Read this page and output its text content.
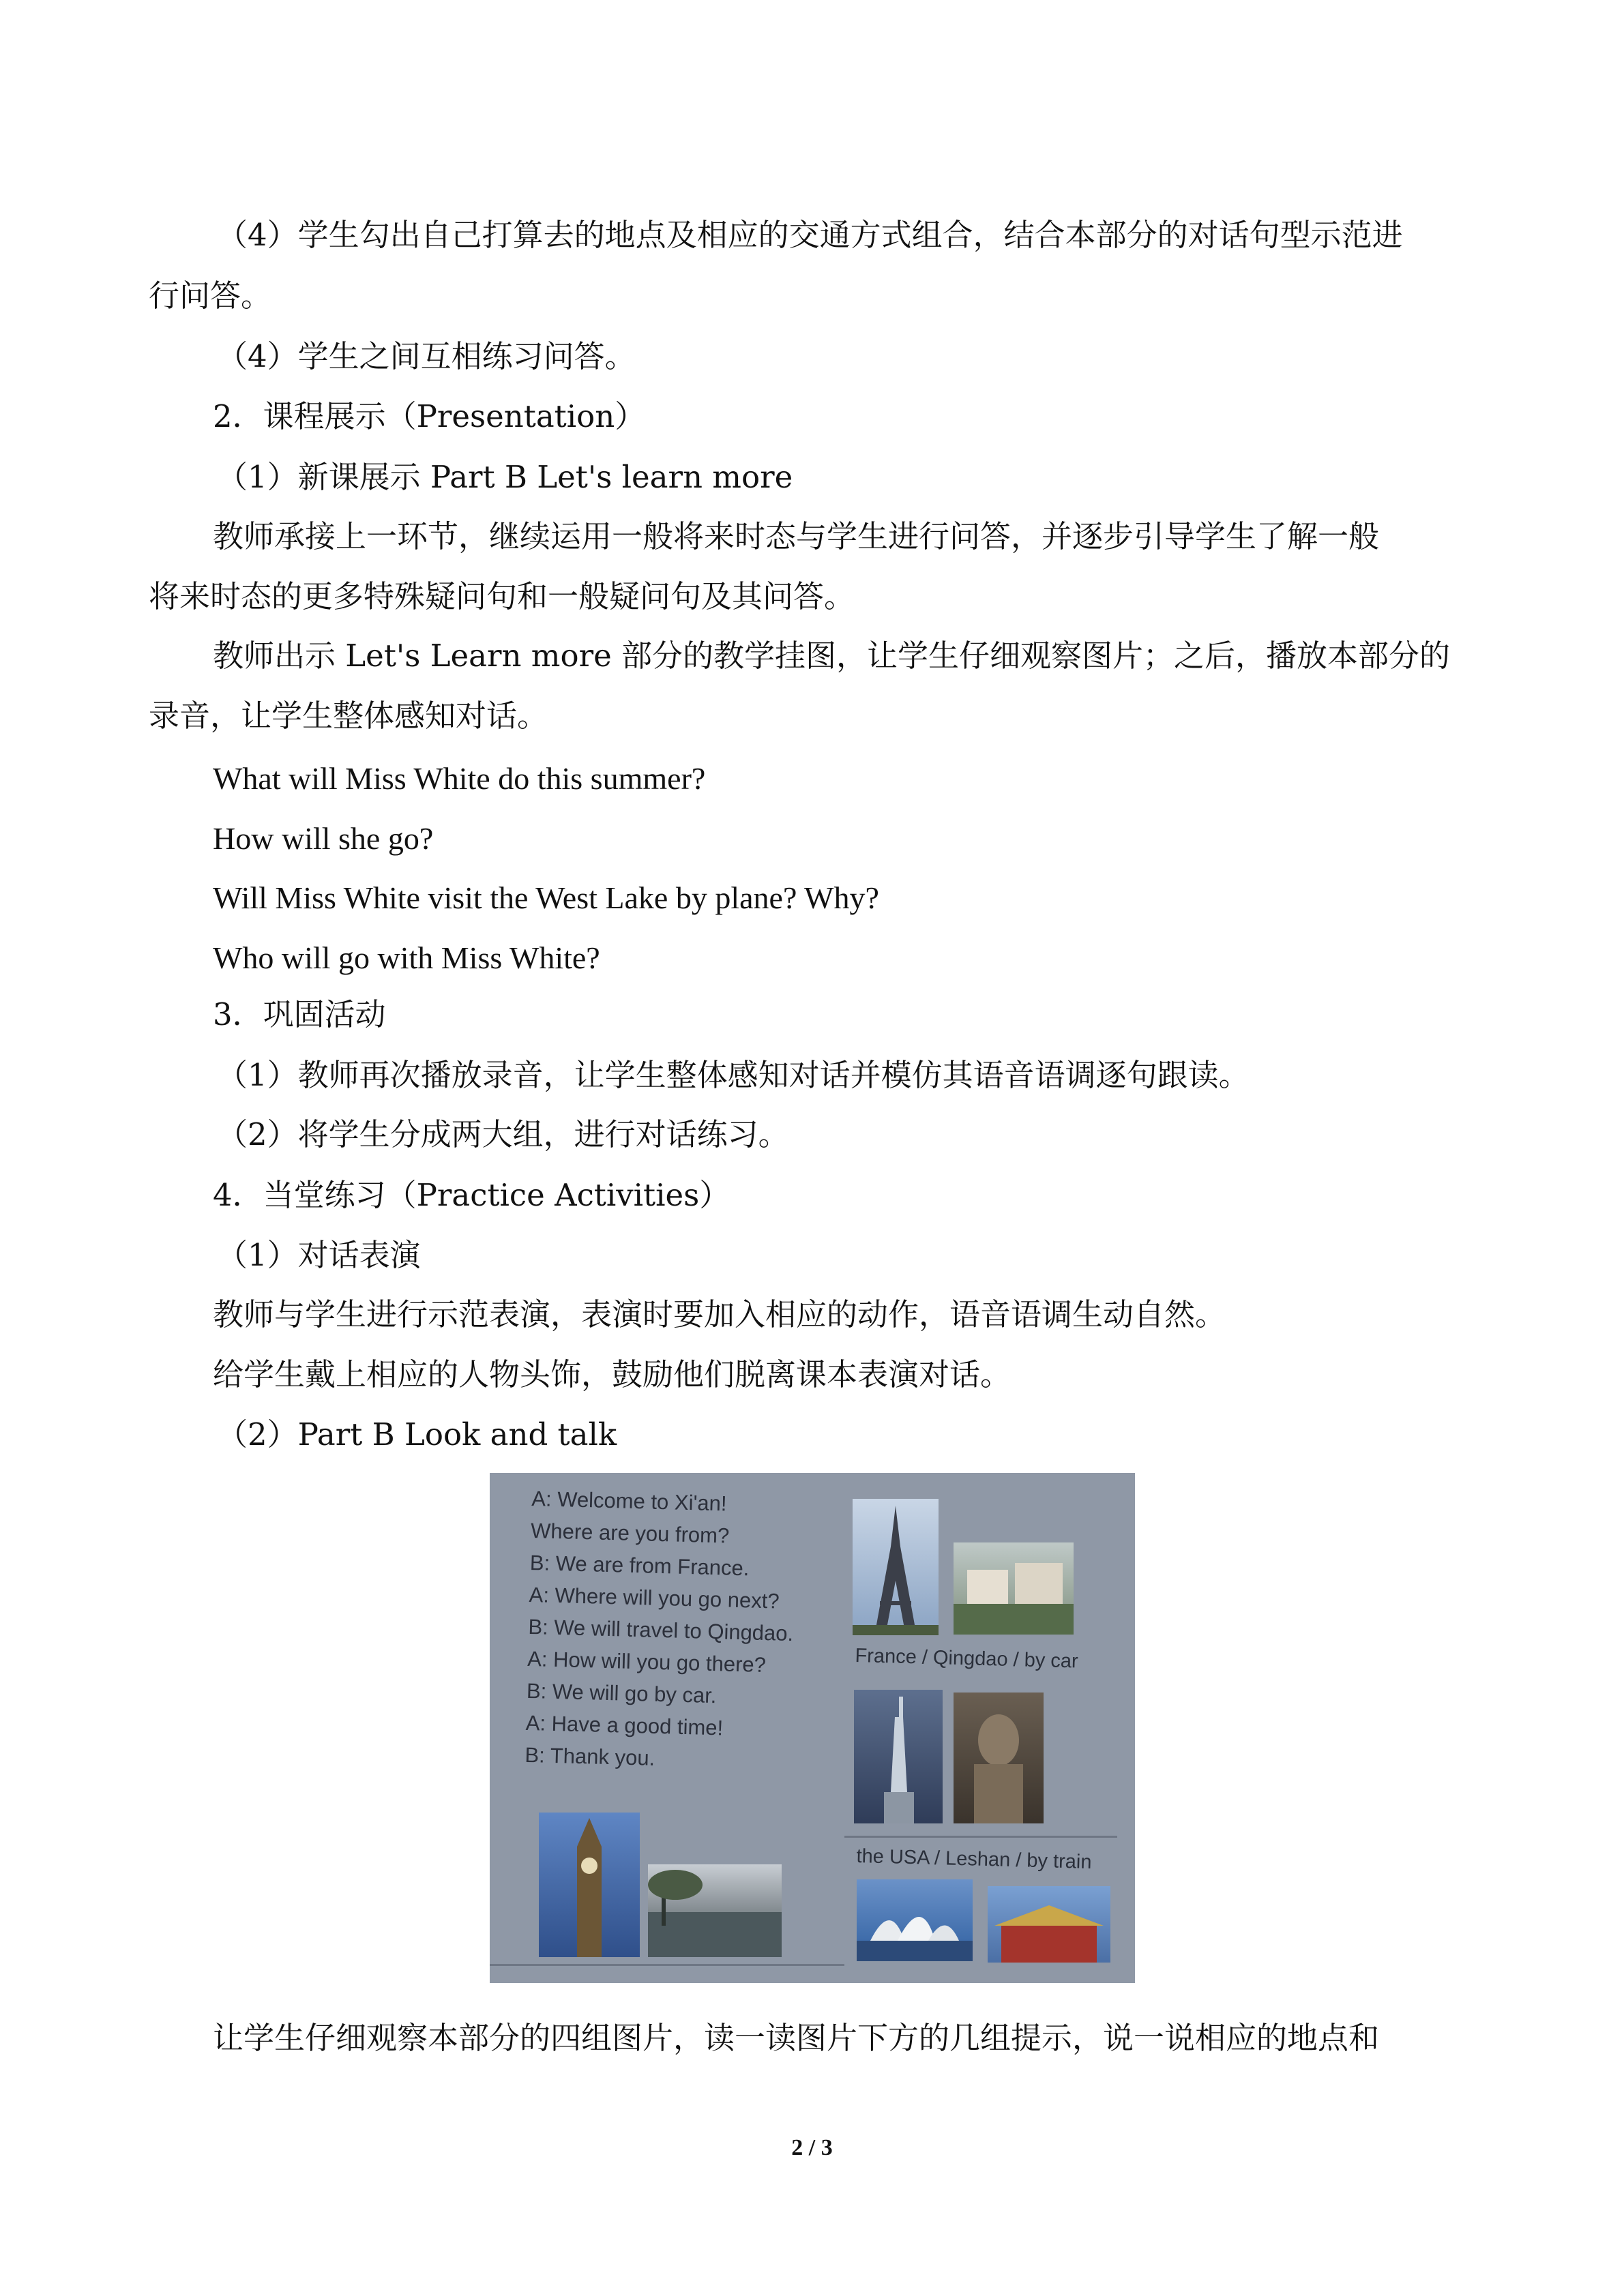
（4）学生勾出自己打算去的地点及相应的交通方式组合，结合本部分的对话句型示范进
行问答。
（4）学生之间互相练习问答。
2．课程展示（Presentation）
（1）新课展示 Part B Let's learn more
教师承接上一环节，继续运用一般将来时态与学生进行问答，并逐步引导学生了解一般
将来时态的更多特殊疑问句和一般疑问句及其问答。
教师出示 Let's Learn more 部分的教学挂图，让学生仔细观察图片；之后，播放本部分的
录音，让学生整体感知对话。
What will Miss White do this summer?
How will she go?
Will Miss White visit the West Lake by plane? Why?
Who will go with Miss White?
3．巩固活动
（1）教师再次播放录音，让学生整体感知对话并模仿其语音语调逐句跟读。
（2）将学生分成两大组，进行对话练习。
4．当堂练习（Practice Activities）
（1）对话表演
教师与学生进行示范表演，表演时要加入相应的动作，语音语调生动自然。
给学生戴上相应的人物头饰，鼓励他们脱离课本表演对话。
（2）Part B Look and talk
A: Welcome to Xi'an!
Where are you from?
B: We are from France.
A: Where will you go next?
B: We will travel to Qingdao.
A: How will you go there?
B: We will go by car.
A: Have a good time!
B: Thank you.
France / Qingdao / by car
the USA / Leshan / by train
让学生仔细观察本部分的四组图片，读一读图片下方的几组提示，说一说相应的地点和
2 / 3
